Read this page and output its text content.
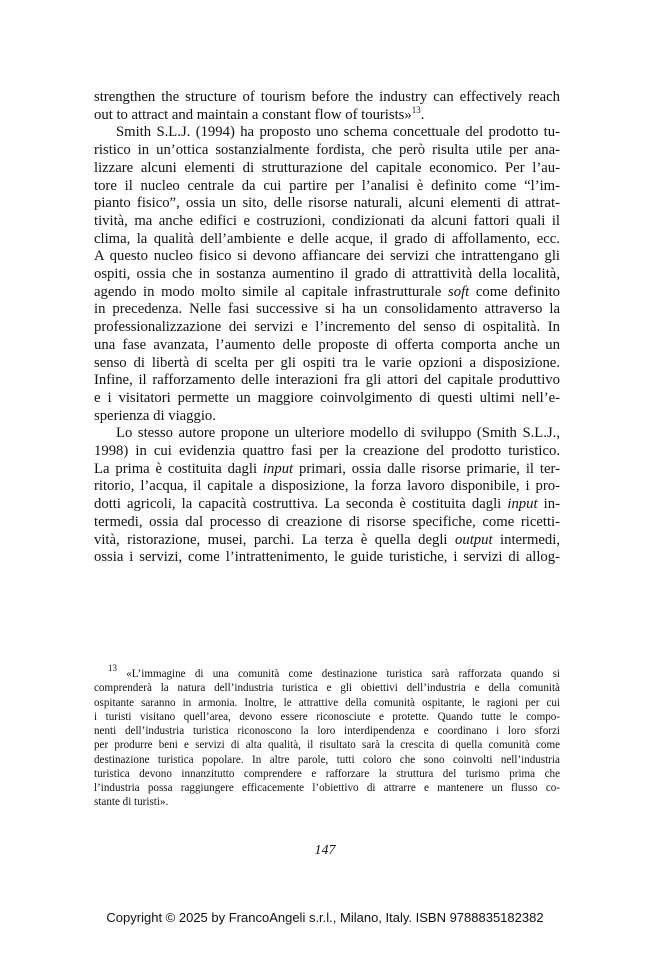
strengthen the structure of tourism before the industry can effectively reach
out to attract and maintain a constant flow of tourists»$^{13}$.
Smith S.L.J. (1994) ha proposto uno schema concettuale del prodotto tu-
ristico in un’ottica sostanzialmente fordista, che però risulta utile per ana-
lizzare alcuni elementi di strutturazione del capitale economico. Per l’au-
tore il nucleo centrale da cui partire per l’analisi è definito come “l’im-
pianto fisico”, ossia un sito, delle risorse naturali, alcuni elementi di attrat-
tività, ma anche edifici e costruzioni, condizionati da alcuni fattori quali il
clima, la qualità dell’ambiente e delle acque, il grado di affollamento, ecc.
A questo nucleo fisico si devono affiancare dei servizi che intrattengano gli
ospiti, ossia che in sostanza aumentino il grado di attrattività della località,
agendo in modo molto simile al capitale infrastrutturale soft come definito
in precedenza. Nelle fasi successive si ha un consolidamento attraverso la
professionalizzazione dei servizi e l’incremento del senso di ospitalità. In
una fase avanzata, l’aumento delle proposte di offerta comporta anche un
senso di libertà di scelta per gli ospiti tra le varie opzioni a disposizione.
Infine, il rafforzamento delle interazioni fra gli attori del capitale produttivo
e i visitatori permette un maggiore coinvolgimento di questi ultimi nell’e-
sperienza di viaggio.
Lo stesso autore propone un ulteriore modello di sviluppo (Smith S.L.J.,
1998) in cui evidenzia quattro fasi per la creazione del prodotto turistico.
La prima è costituita dagli input primari, ossia dalle risorse primarie, il ter-
ritorio, l’acqua, il capitale a disposizione, la forza lavoro disponibile, i pro-
dotti agricoli, la capacità costruttiva. La seconda è costituita dagli input in-
termedi, ossia dal processo di creazione di risorse specifiche, come ricetti-
vità, ristorazione, musei, parchi. La terza è quella degli output intermedi,
ossia i servizi, come l’intrattenimento, le guide turistiche, i servizi di allog-
$^{13}$ «L’immagine di una comunità come destinazione turistica sarà rafforzata quando si
comprenderà la natura dell’industria turistica e gli obiettivi dell’industria e della comunità
ospitante saranno in armonia. Inoltre, le attrattive della comunità ospitante, le ragioni per cui
i turisti visitano quell’area, devono essere riconosciute e protette. Quando tutte le compo-
nenti dell’industria turistica riconoscono la loro interdipendenza e coordinano i loro sforzi
per produrre beni e servizi di alta qualità, il risultato sarà la crescita di quella comunità come
destinazione turistica popolare. In altre parole, tutti coloro che sono coinvolti nell’industria
turistica devono innanzitutto comprendere e rafforzare la struttura del turismo prima che
l’industria possa raggiungere efficacemente l’obiettivo di attrarre e mantenere un flusso co-
stante di turisti».
147
Copyright © 2025 by FrancoAngeli s.r.l., Milano, Italy. ISBN 9788835182382
